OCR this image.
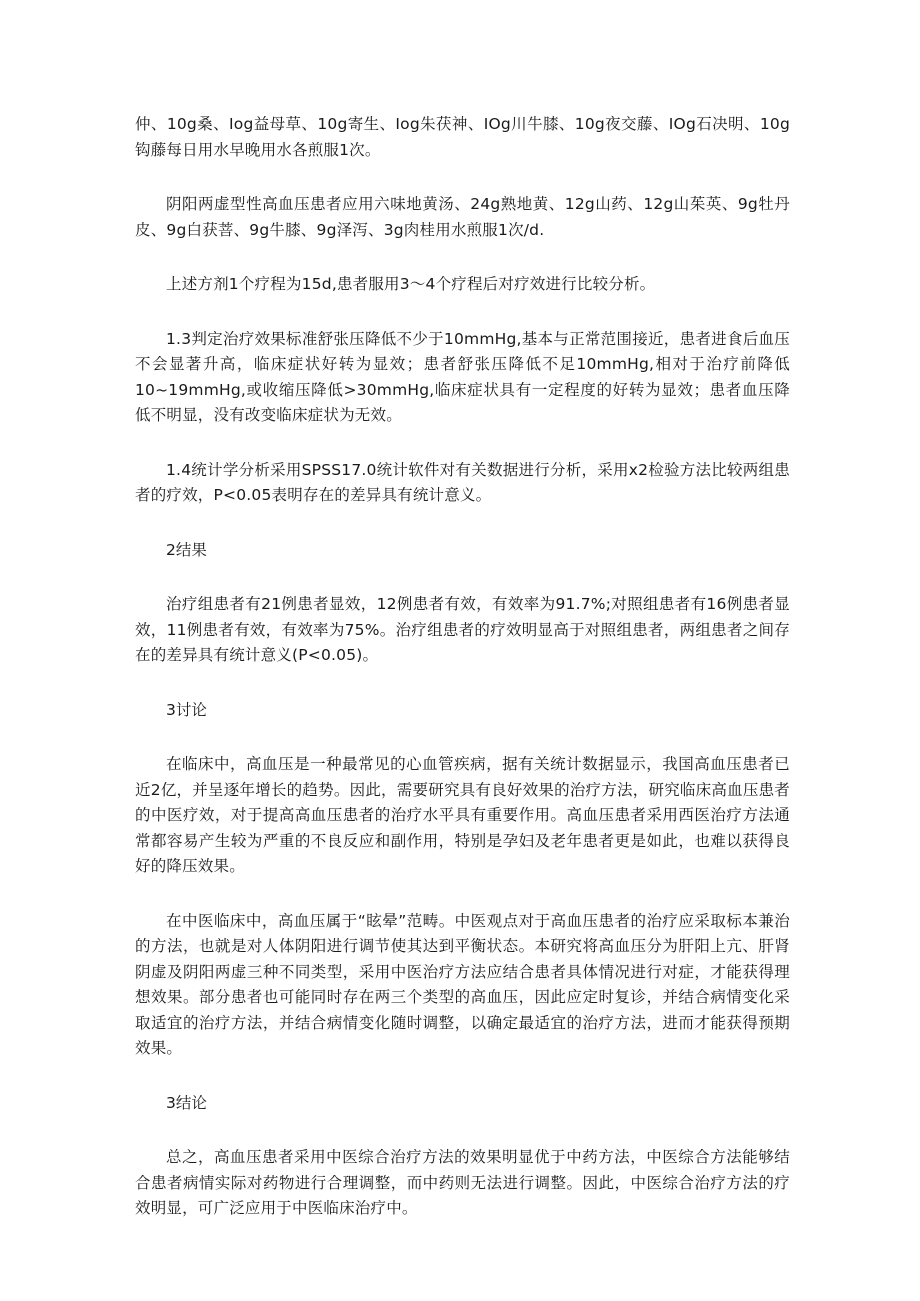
仲、10g桑、Iog益母草、10g寄生、Iog朱茯神、IOg川牛膝、10g夜交藤、IOg石决明、10g钩藤每日用水早晚用水各煎服1次。

阴阳两虚型性高血压患者应用六味地黄汤、24g熟地黄、12g山药、12g山茱英、9g牡丹皮、9g白获菩、9g牛膝、9g泽泻、3g肉桂用水煎服1次/d.

上述方剂1个疗程为15d,患者服用3〜4个疗程后对疗效进行比较分析。

1.3判定治疗效果标准舒张压降低不少于10mmHg,基本与正常范围接近，患者进食后血压不会显著升高，临床症状好转为显效；患者舒张压降低不足10mmHg,相对于治疗前降低10~19mmHg,或收缩压降低>30mmHg,临床症状具有一定程度的好转为显效；患者血压降低不明显，没有改变临床症状为无效。

1.4统计学分析采用SPSS17.0统计软件对有关数据进行分析，采用x2检验方法比较两组患者的疗效，P<0.05表明存在的差异具有统计意义。

2结果

治疗组患者有21例患者显效，12例患者有效，有效率为91.7%;对照组患者有16例患者显效，11例患者有效，有效率为75%。治疗组患者的疗效明显高于对照组患者，两组患者之间存在的差异具有统计意义(P<0.05)。

3讨论

在临床中，高血压是一种最常见的心血管疾病，据有关统计数据显示，我国高血压患者已近2亿，并呈逐年增长的趋势。因此，需要研究具有良好效果的治疗方法，研究临床高血压患者的中医疗效，对于提高高血压患者的治疗水平具有重要作用。高血压患者采用西医治疗方法通常都容易产生较为严重的不良反应和副作用，特别是孕妇及老年患者更是如此，也难以获得良好的降压效果。

在中医临床中，高血压属于“眩晕”范畴。中医观点对于高血压患者的治疗应采取标本兼治的方法，也就是对人体阴阳进行调节使其达到平衡状态。本研究将高血压分为肝阳上亢、肝肾阴虚及阴阳两虚三种不同类型，采用中医治疗方法应结合患者具体情况进行对症，才能获得理想效果。部分患者也可能同时存在两三个类型的高血压，因此应定时复诊，并结合病情变化采取适宜的治疗方法，并结合病情变化随时调整，以确定最适宜的治疗方法，进而才能获得预期效果。

3结论

总之，高血压患者采用中医综合治疗方法的效果明显优于中药方法，中医综合方法能够结合患者病情实际对药物进行合理调整，而中药则无法进行调整。因此，中医综合治疗方法的疗效明显，可广泛应用于中医临床治疗中。
